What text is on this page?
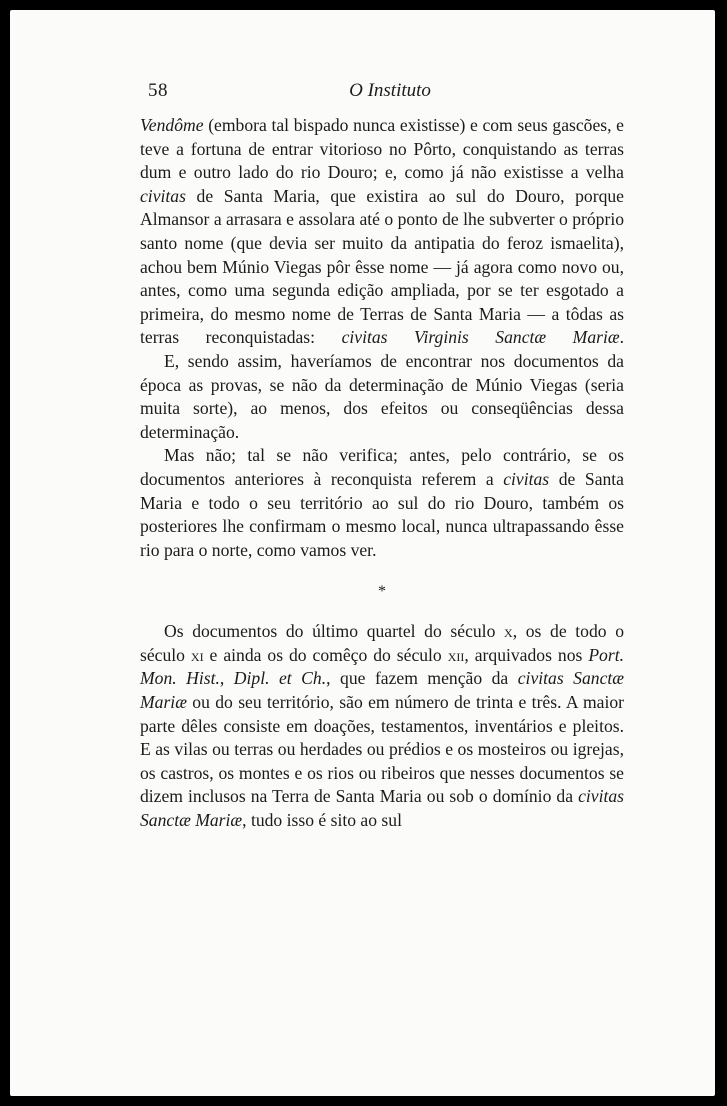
58	O Instituto

Vendôme (embora tal bispado nunca existisse) e com seus gascões, e teve a fortuna de entrar vitorioso no Pôrto, conquistando as terras dum e outro lado do rio Douro; e, como já não existisse a velha civitas de Santa Maria, que existira ao sul do Douro, porque Almansor a arrasara e assolara até o ponto de lhe subverter o próprio santo nome (que devia ser muito da antipatia do feroz ismaelita), achou bem Múnio Viegas pôr êsse nome — já agora como novo ou, antes, como uma segunda edição ampliada, por se ter esgotado a primeira, do mesmo nome de Terras de Santa Maria — a tôdas as terras reconquistadas: civitas Virginis Sanctæ Mariæ.

E, sendo assim, haveríamos de encontrar nos documentos da época as provas, se não da determinação de Múnio Viegas (seria muita sorte), ao menos, dos efeitos ou conseqüências dessa determinação.

Mas não; tal se não verifica; antes, pelo contrário, se os documentos anteriores à reconquista referem a civitas de Santa Maria e todo o seu território ao sul do rio Douro, também os posteriores lhe confirmam o mesmo local, nunca ultrapassando êsse rio para o norte, como vamos ver.

*

Os documentos do último quartel do século x, os de todo o século xi e ainda os do comêço do século xii, arquivados nos Port. Mon. Hist., Dipl. et Ch., que fazem menção da civitas Sanctæ Mariæ ou do seu território, são em número de trinta e três. A maior parte dêles consiste em doações, testamentos, inventários e pleitos. E as vilas ou terras ou herdades ou prédios e os mosteiros ou igrejas, os castros, os montes e os rios ou ribeiros que nesses documentos se dizem inclusos na Terra de Santa Maria ou sob o domínio da civitas Sanctæ Mariæ, tudo isso é sito ao sul
